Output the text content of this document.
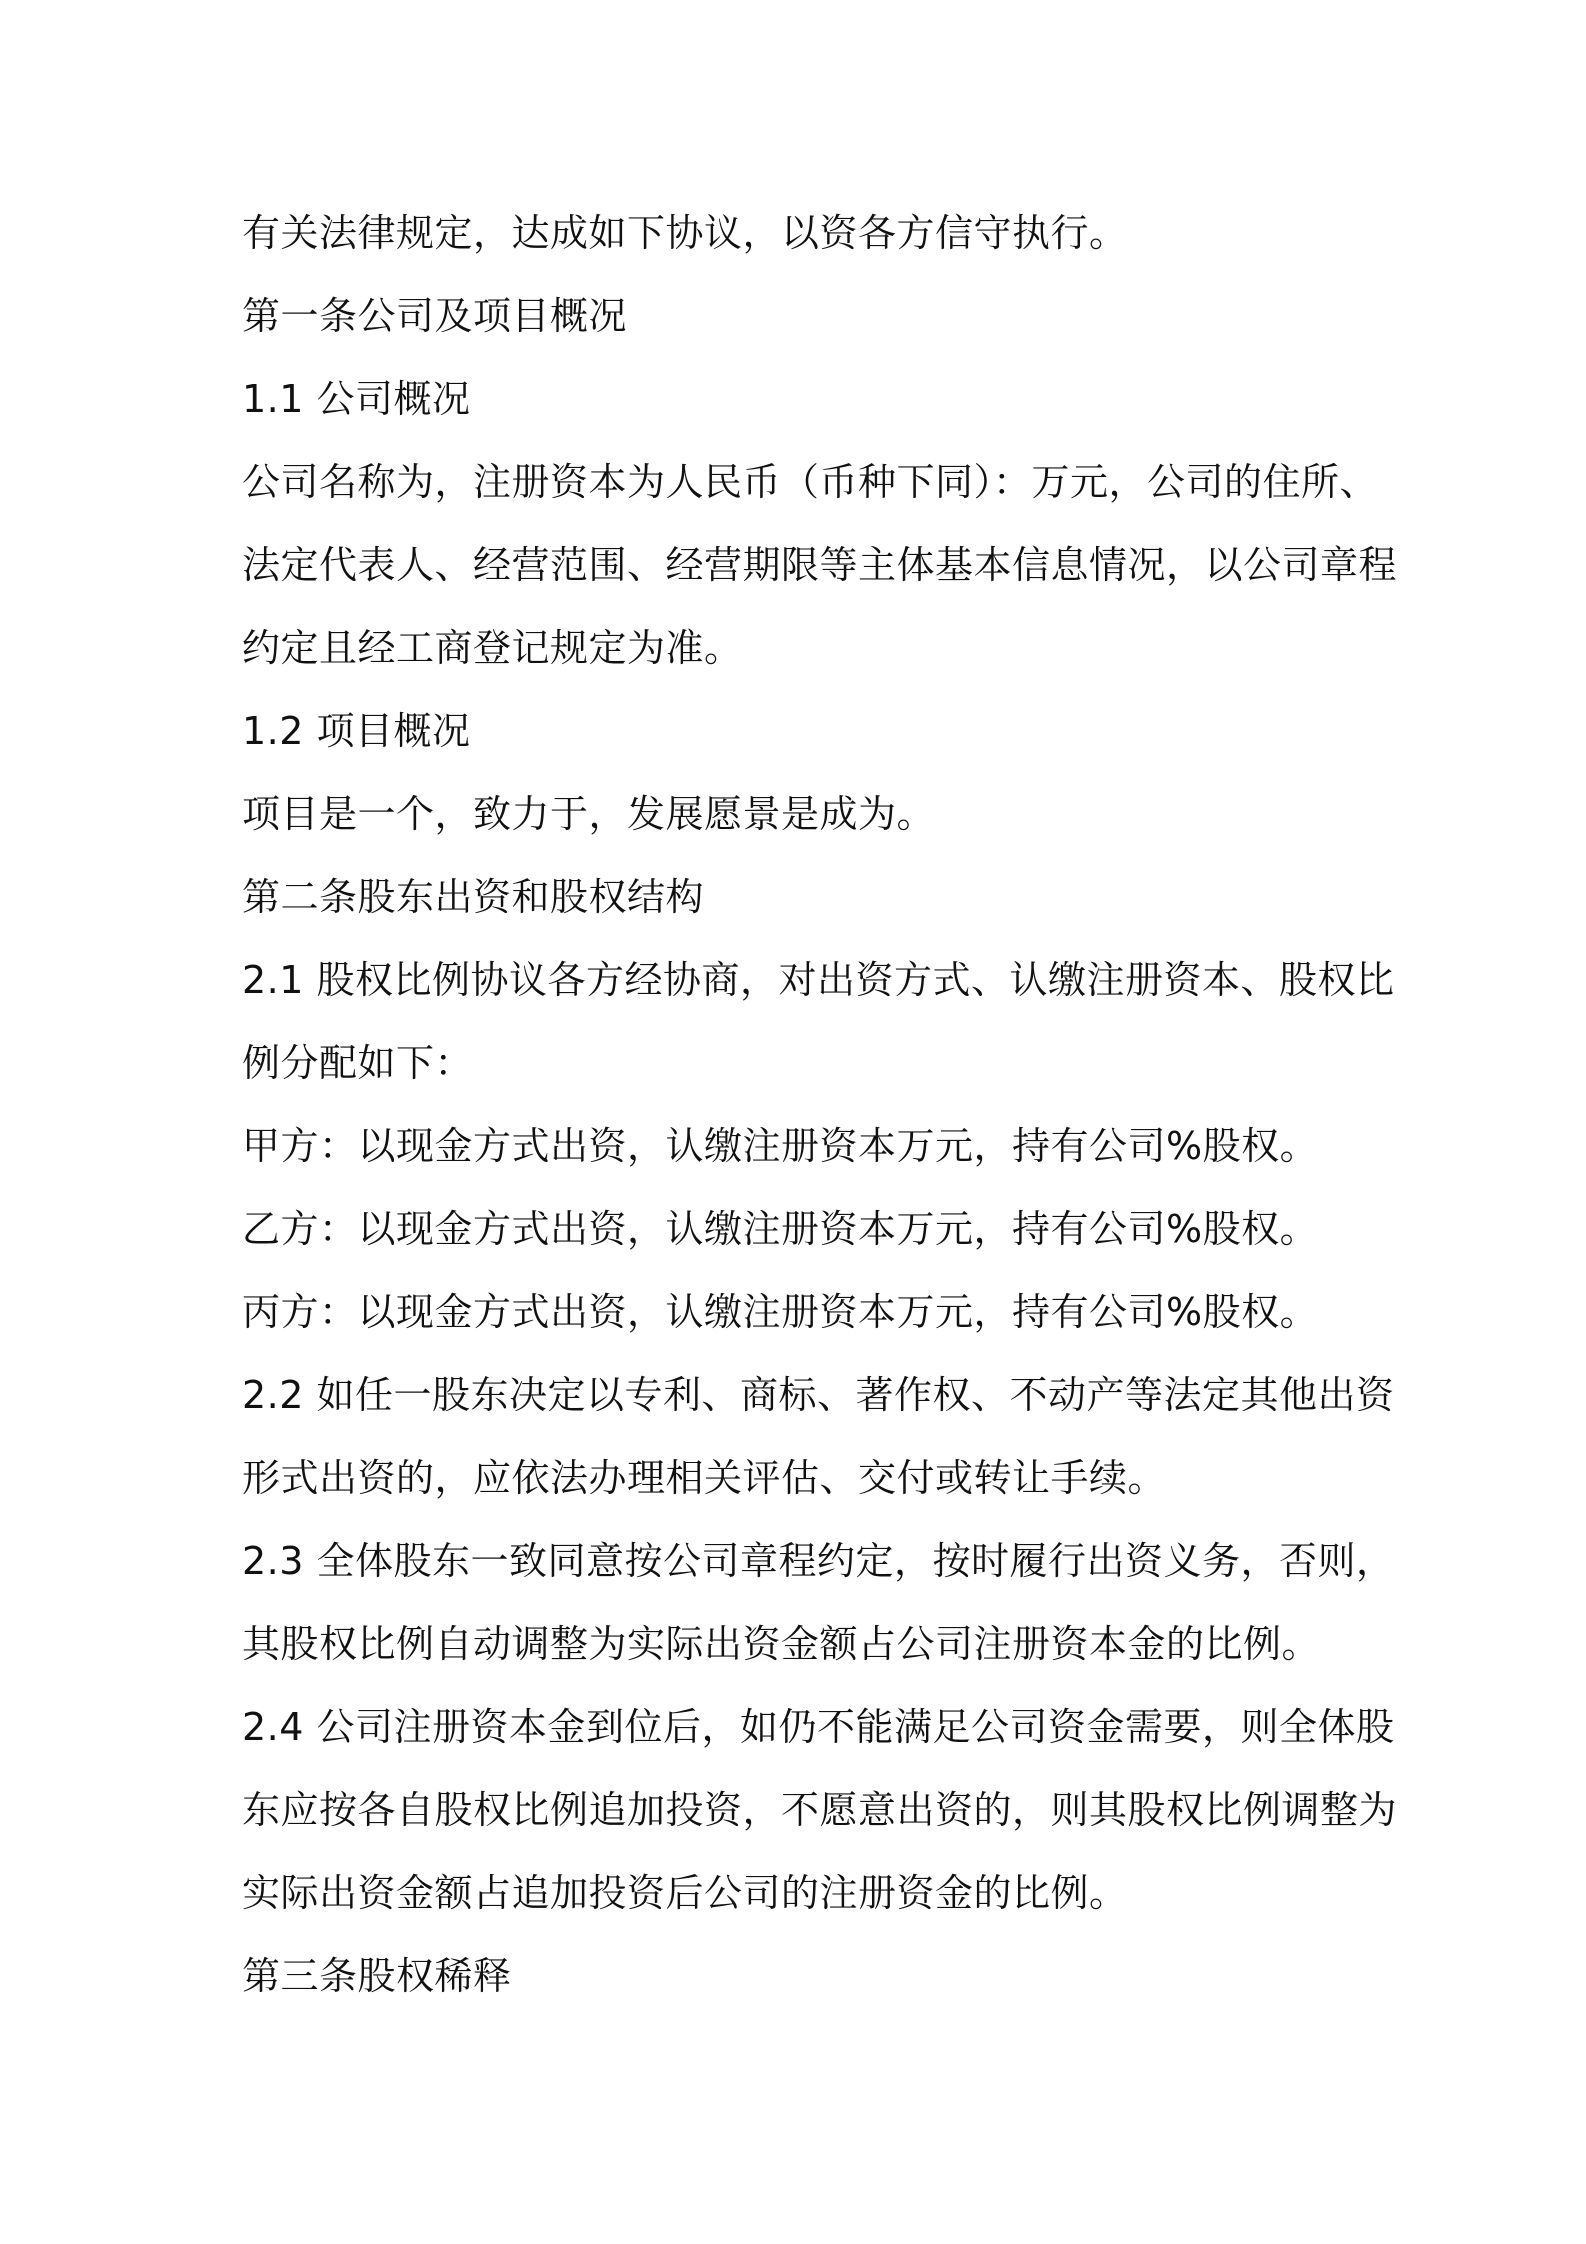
有关法律规定，达成如下协议，以资各方信守执行。
第一条公司及项目概况
1.1 公司概况
公司名称为，注册资本为人民币（币种下同）：万元，公司的住所、
法定代表人、经营范围、经营期限等主体基本信息情况，以公司章程
约定且经工商登记规定为准。
1.2 项目概况
项目是一个，致力于，发展愿景是成为。
第二条股东出资和股权结构
2.1 股权比例协议各方经协商，对出资方式、认缴注册资本、股权比
例分配如下：
甲方：以现金方式出资，认缴注册资本万元，持有公司%股权。
乙方：以现金方式出资，认缴注册资本万元，持有公司%股权。
丙方：以现金方式出资，认缴注册资本万元，持有公司%股权。
2.2 如任一股东决定以专利、商标、著作权、不动产等法定其他出资
形式出资的，应依法办理相关评估、交付或转让手续。
2.3 全体股东一致同意按公司章程约定，按时履行出资义务，否则，
其股权比例自动调整为实际出资金额占公司注册资本金的比例。
2.4 公司注册资本金到位后，如仍不能满足公司资金需要，则全体股
东应按各自股权比例追加投资，不愿意出资的，则其股权比例调整为
实际出资金额占追加投资后公司的注册资金的比例。
第三条股权稀释
